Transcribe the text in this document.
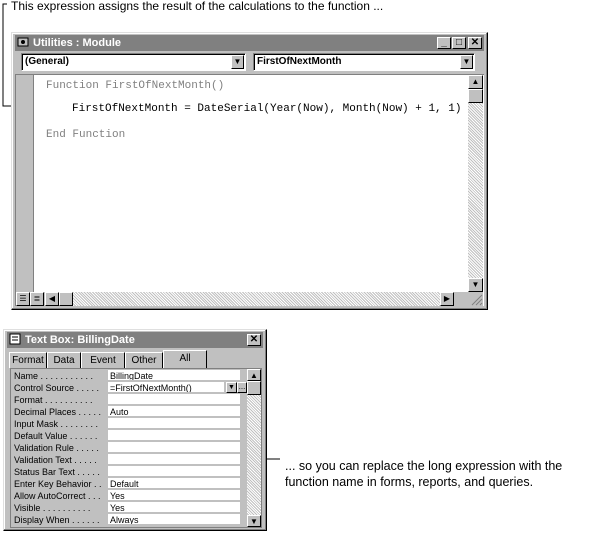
This expression assigns the result of the calculations to the function ...
... so you can replace the long expression with the
function name in forms, reports, and queries.
Utilities : Module	_ □ ✕
(General)	▼	FirstOfNextMonth	▼
Function FirstOfNextMonth()
FirstOfNextMonth = DateSerial(Year(Now), Month(Now) + 1, 1)
End Function
▲
▼
☰ ≣	◀	▶
Text Box: BillingDate	✕
Format Data	Event	Other	All
Name . . . . . . . . . . .	BillingDate
Control Source . . . . .	=FirstOfNextMonth()	▼ ...
Format . . . . . . . . . .
Decimal Places . . . . . Auto
Input Mask . . . . . . . .
Default Value . . . . . .
Validation Rule . . . . .
Validation Text . . . . .
Status Bar Text . . . . .
Enter Key Behavior . . Default
Allow AutoCorrect . . .	Yes
Visible . . . . . . . . . .	Yes
Display When . . . . . .	Always
▲
▼
